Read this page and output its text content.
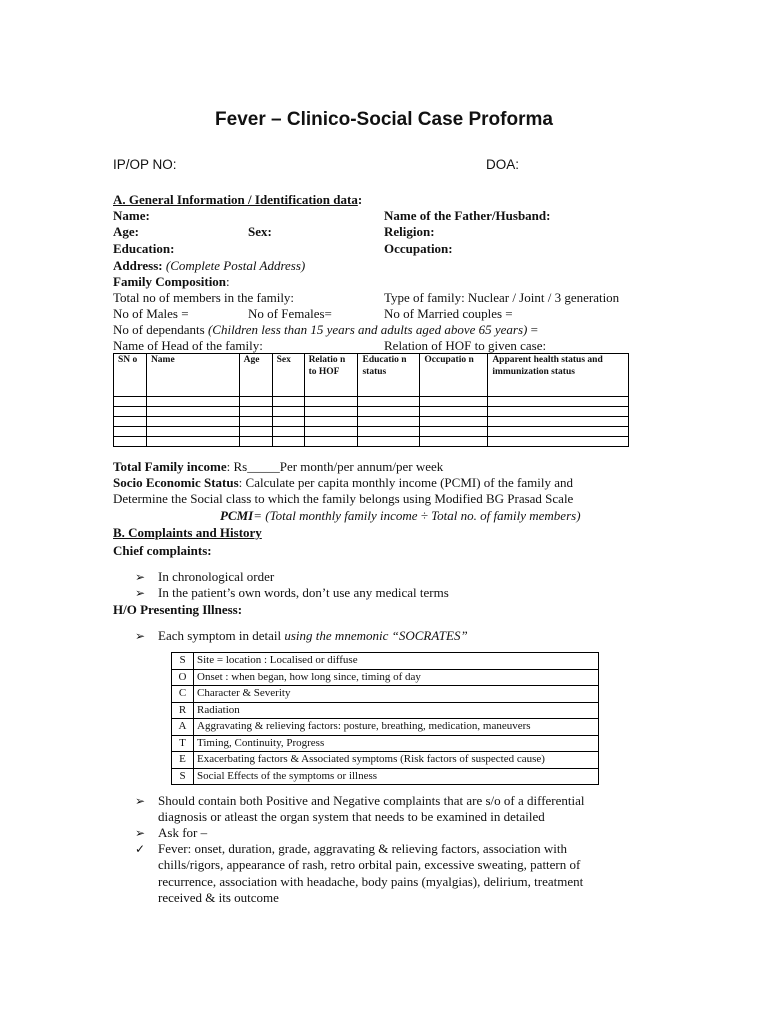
Fever – Clinico-Social Case Proforma
IP/OP NO:	DOA:
A. General Information / Identification data:
Name:	Name of the Father/Husband:
Age:	Sex:	Religion:
Education:	Occupation:
Address: (Complete Postal Address)
Family Composition:
Total no of members in the family:	Type of family: Nuclear / Joint / 3 generation
No of Males =	No of Females=	No of Married couples =
No of dependants (Children less than 15 years and adults aged above 65 years) =
Name of Head of the family:	Relation of HOF to given case:
SN o	Name	Age	Sex	Relatio n to HOF	Educatio n status	Occupatio n	Apparent health status and immunization status

Total Family income: Rs_____Per month/per annum/per week
Socio Economic Status: Calculate per capita monthly income (PCMI) of the family and
Determine the Social class to which the family belongs using Modified BG Prasad Scale
PCMI= (Total monthly family income ÷ Total no. of family members)
B. Complaints and History
Chief complaints:
➢ In chronological order
➢ In the patient’s own words, don’t use any medical terms
H/O Presenting Illness:
➢ Each symptom in detail using the mnemonic “SOCRATES”
S	Site = location : Localised or diffuse
O	Onset : when began, how long since, timing of day
C	Character & Severity
R	Radiation
A	Aggravating & relieving factors: posture, breathing, medication, maneuvers
T	Timing, Continuity, Progress
E	Exacerbating factors & Associated symptoms (Risk factors of suspected cause)
S	Social Effects of the symptoms or illness
➢ Should contain both Positive and Negative complaints that are s/o of a differential diagnosis or atleast the organ system that needs to be examined in detailed
➢ Ask for –
✓ Fever: onset, duration, grade, aggravating & relieving factors, association with chills/rigors, appearance of rash, retro orbital pain, excessive sweating, pattern of recurrence, association with headache, body pains (myalgias), delirium, treatment received & its outcome
